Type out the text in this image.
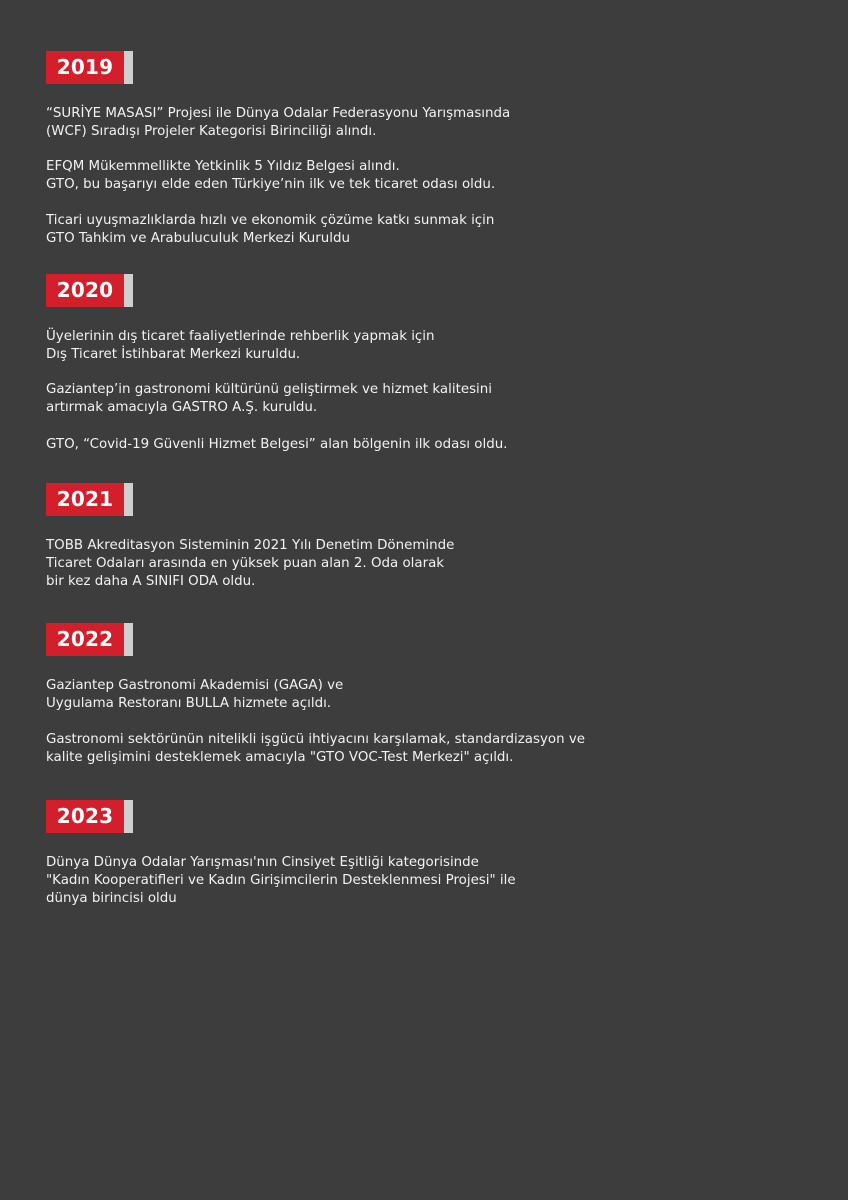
2019

“SURİYE MASASI” Projesi ile Dünya Odalar Federasyonu Yarışmasında
(WCF) Sıradışı Projeler Kategorisi Birinciliği alındı.

EFQM Mükemmellikte Yetkinlik 5 Yıldız Belgesi alındı.
GTO, bu başarıyı elde eden Türkiye’nin ilk ve tek ticaret odası oldu.

Ticari uyuşmazlıklarda hızlı ve ekonomik çözüme katkı sunmak için
GTO Tahkim ve Arabuluculuk Merkezi Kuruldu

2020

Üyelerinin dış ticaret faaliyetlerinde rehberlik yapmak için
Dış Ticaret İstihbarat Merkezi kuruldu.

Gaziantep’in gastronomi kültürünü geliştirmek ve hizmet kalitesini
artırmak amacıyla GASTRO A.Ş. kuruldu.

GTO, “Covid-19 Güvenli Hizmet Belgesi” alan bölgenin ilk odası oldu.

2021

TOBB Akreditasyon Sisteminin 2021 Yılı Denetim Döneminde
Ticaret Odaları arasında en yüksek puan alan 2. Oda olarak
bir kez daha A SINIFI ODA oldu.

2022

Gaziantep Gastronomi Akademisi (GAGA) ve
Uygulama Restoranı BULLA hizmete açıldı.

Gastronomi sektörünün nitelikli işgücü ihtiyacını karşılamak, standardizasyon ve
kalite gelişimini desteklemek amacıyla "GTO VOC-Test Merkezi" açıldı.

2023

Dünya Dünya Odalar Yarışması'nın Cinsiyet Eşitliği kategorisinde
"Kadın Kooperatifleri ve Kadın Girişimcilerin Desteklenmesi Projesi" ile
dünya birincisi oldu
